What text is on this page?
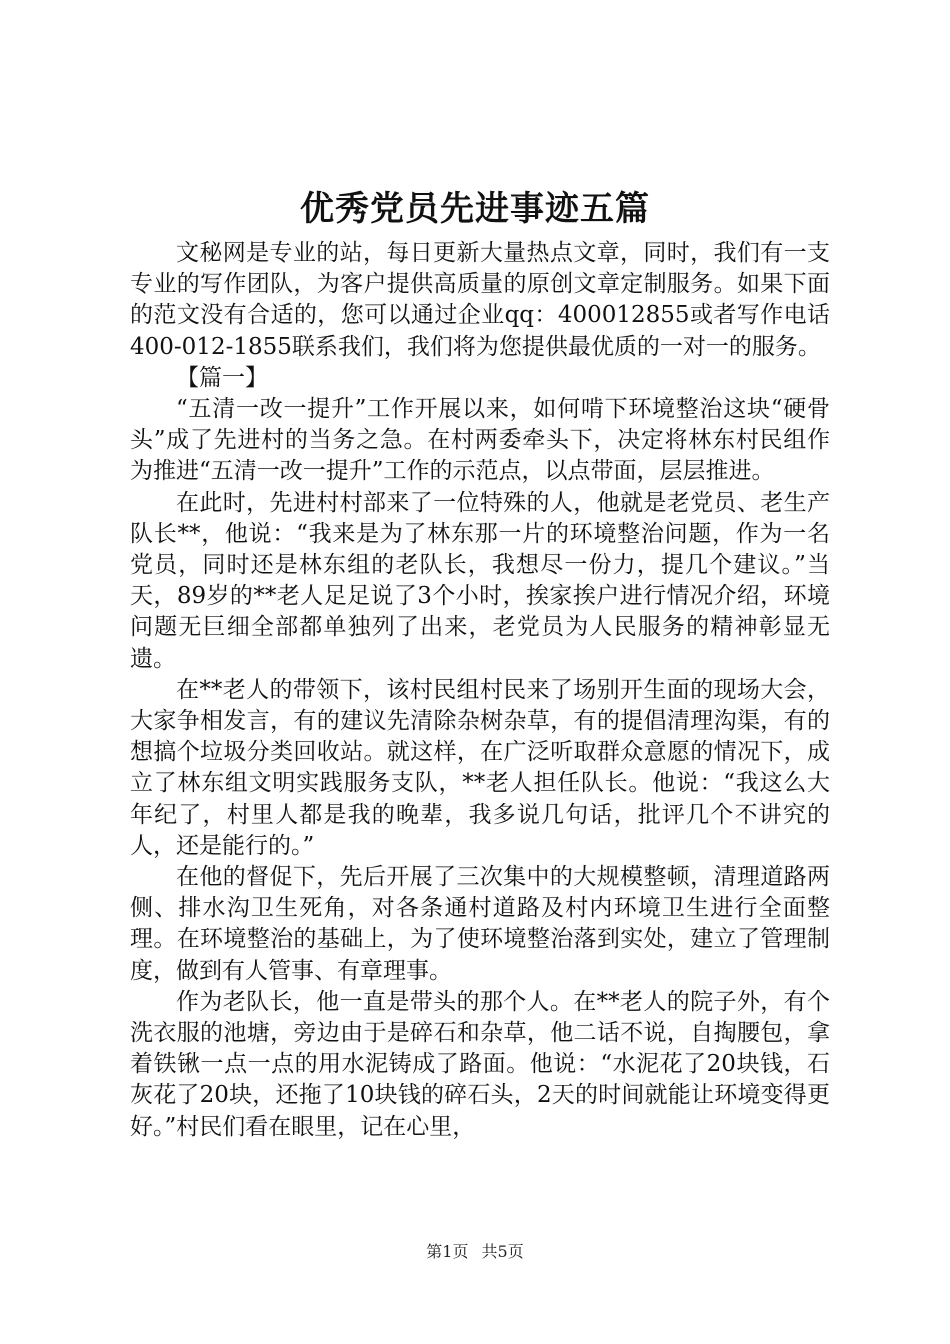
优秀党员先进事迹五篇

文秘网是专业的站，每日更新大量热点文章，同时，我们有一支专业的写作团队，为客户提供高质量的原创文章定制服务。如果下面的范文没有合适的，您可以通过企业qq：400012855或者写作电话400-012-1855联系我们，我们将为您提供最优质的一对一的服务。

【篇一】

“五清一改一提升”工作开展以来，如何啃下环境整治这块“硬骨头”成了先进村的当务之急。在村两委牵头下，决定将林东村民组作为推进“五清一改一提升”工作的示范点，以点带面，层层推进。

在此时，先进村村部来了一位特殊的人，他就是老党员、老生产队长**，他说：“我来是为了林东那一片的环境整治问题，作为一名党员，同时还是林东组的老队长，我想尽一份力，提几个建议。”当天，89岁的**老人足足说了3个小时，挨家挨户进行情况介绍，环境问题无巨细全部都单独列了出来，老党员为人民服务的精神彰显无遗。

在**老人的带领下，该村民组村民来了场别开生面的现场大会，大家争相发言，有的建议先清除杂树杂草，有的提倡清理沟渠，有的想搞个垃圾分类回收站。就这样，在广泛听取群众意愿的情况下，成立了林东组文明实践服务支队，**老人担任队长。他说：“我这么大年纪了，村里人都是我的晚辈，我多说几句话，批评几个不讲究的人，还是能行的。”

在他的督促下，先后开展了三次集中的大规模整顿，清理道路两侧、排水沟卫生死角，对各条通村道路及村内环境卫生进行全面整理。在环境整治的基础上，为了使环境整治落到实处，建立了管理制度，做到有人管事、有章理事。

作为老队长，他一直是带头的那个人。在**老人的院子外，有个洗衣服的池塘，旁边由于是碎石和杂草，他二话不说，自掏腰包，拿着铁锹一点一点的用水泥铸成了路面。他说：“水泥花了20块钱，石灰花了20块，还拖了10块钱的碎石头，2天的时间就能让环境变得更好。”村民们看在眼里，记在心里，

第1页 共5页
